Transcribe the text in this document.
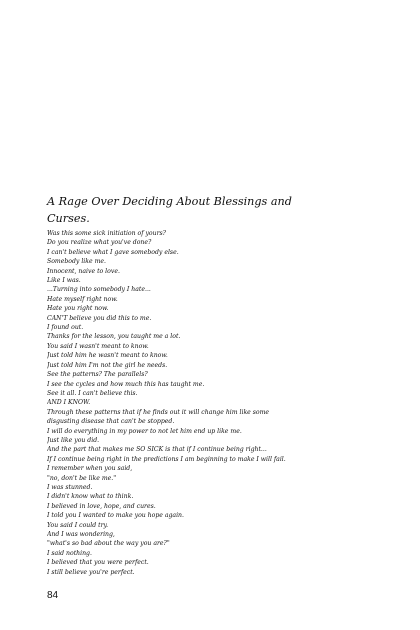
A Rage Over Deciding About Blessings and
Curses.
Was this some sick initiation of yours?
Do you realize what you've done?
I can't believe what I gave somebody else.
Somebody like me.
Innocent, naive to love.
Like I was.
...Turning into somebody I hate...
Hate myself right now.
Hate you right now.
CAN'T believe you did this to me.
I found out.
Thanks for the lesson, you taught me a lot.
You said I wasn't meant to know.
Just told him he wasn't meant to know.
Just told him I'm not the girl he needs.
See the patterns? The parallels?
I see the cycles and how much this has taught me.
See it all. I can't believe this.
AND I KNOW.
Through these patterns that if he finds out it will change him like some
disgusting disease that can't be stopped.
I will do everything in my power to not let him end up like me.
Just like you did.
And the part that makes me SO SICK is that if I continue being right...
If I continue being right in the predictions I am beginning to make I will fail.
I remember when you said,
"no, don't be like me."
I was stunned.
I didn't know what to think.
I believed in love, hope, and cures.
I told you I wanted to make you hope again.
You said I could try.
And I was wondering,
"what's so bad about the way you are?"
I said nothing.
I believed that you were perfect.
I still believe you're perfect.
84
